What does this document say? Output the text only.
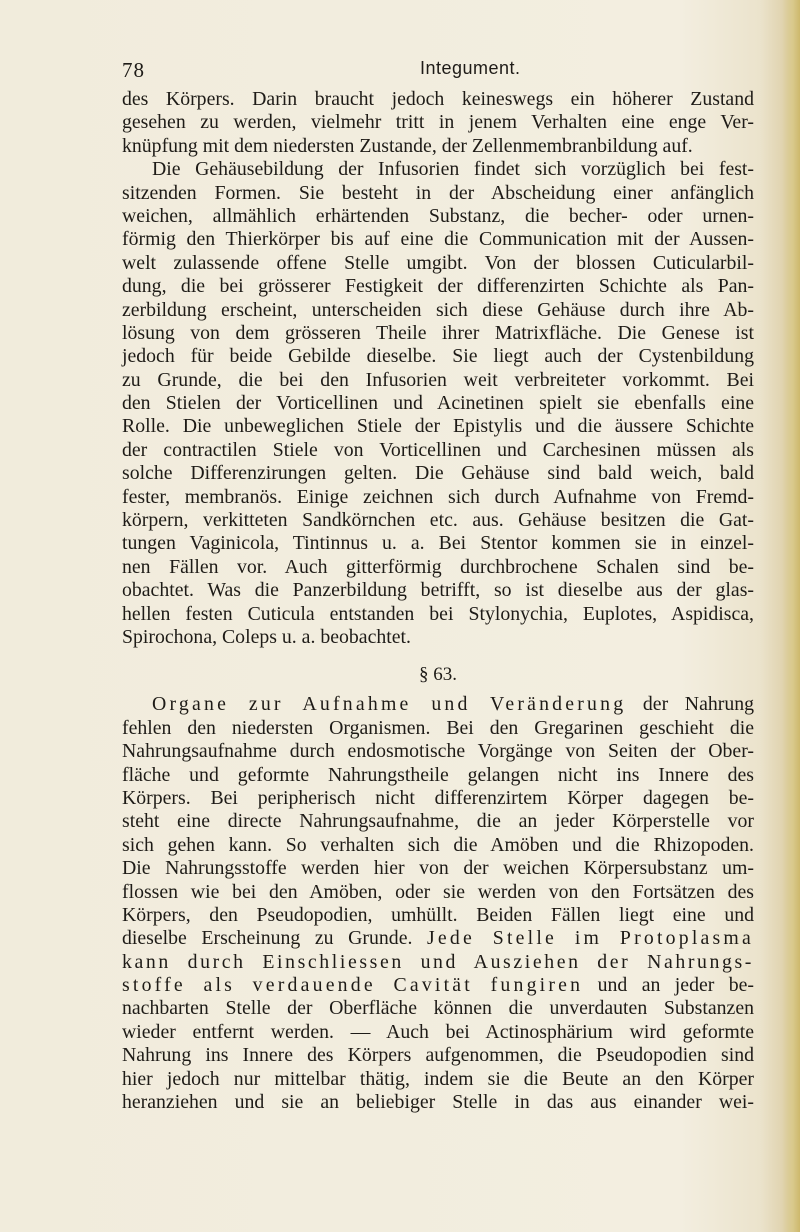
78	Integument.
des Körpers. Darin braucht jedoch keineswegs ein höherer Zustand
gesehen zu werden, vielmehr tritt in jenem Verhalten eine enge Ver-
knüpfung mit dem niedersten Zustande, der Zellenmembranbildung auf.
Die Gehäusebildung der Infusorien findet sich vorzüglich bei fest-
sitzenden Formen. Sie besteht in der Abscheidung einer anfänglich
weichen, allmählich erhärtenden Substanz, die becher- oder urnen-
förmig den Thierkörper bis auf eine die Communication mit der Aussen-
welt zulassende offene Stelle umgibt. Von der blossen Cuticularbil-
dung, die bei grösserer Festigkeit der differenzirten Schichte als Pan-
zerbildung erscheint, unterscheiden sich diese Gehäuse durch ihre Ab-
lösung von dem grösseren Theile ihrer Matrixfläche. Die Genese ist
jedoch für beide Gebilde dieselbe. Sie liegt auch der Cystenbildung
zu Grunde, die bei den Infusorien weit verbreiteter vorkommt. Bei
den Stielen der Vorticellinen und Acinetinen spielt sie ebenfalls eine
Rolle. Die unbeweglichen Stiele der Epistylis und die äussere Schichte
der contractilen Stiele von Vorticellinen und Carchesinen müssen als
solche Differenzirungen gelten. Die Gehäuse sind bald weich, bald
fester, membranös. Einige zeichnen sich durch Aufnahme von Fremd-
körpern, verkitteten Sandkörnchen etc. aus. Gehäuse besitzen die Gat-
tungen Vaginicola, Tintinnus u. a. Bei Stentor kommen sie in einzel-
nen Fällen vor. Auch gitterförmig durchbrochene Schalen sind be-
obachtet. Was die Panzerbildung betrifft, so ist dieselbe aus der glas-
hellen festen Cuticula entstanden bei Stylonychia, Euplotes, Aspidisca,
Spirochona, Coleps u. a. beobachtet.
§ 63.
Organe zur Aufnahme und Veränderung der Nahrung
fehlen den niedersten Organismen. Bei den Gregarinen geschieht die
Nahrungsaufnahme durch endosmotische Vorgänge von Seiten der Ober-
fläche und geformte Nahrungstheile gelangen nicht ins Innere des
Körpers. Bei peripherisch nicht differenzirtem Körper dagegen be-
steht eine directe Nahrungsaufnahme, die an jeder Körperstelle vor
sich gehen kann. So verhalten sich die Amöben und die Rhizopoden.
Die Nahrungsstoffe werden hier von der weichen Körpersubstanz um-
flossen wie bei den Amöben, oder sie werden von den Fortsätzen des
Körpers, den Pseudopodien, umhüllt. Beiden Fällen liegt eine und
dieselbe Erscheinung zu Grunde. Jede Stelle im Protoplasma
kann durch Einschliessen und Ausziehen der Nahrungs-
stoffe als verdauende Cavität fungiren und an jeder be-
nachbarten Stelle der Oberfläche können die unverdauten Substanzen
wieder entfernt werden. — Auch bei Actinosphärium wird geformte
Nahrung ins Innere des Körpers aufgenommen, die Pseudopodien sind
hier jedoch nur mittelbar thätig, indem sie die Beute an den Körper
heranziehen und sie an beliebiger Stelle in das aus einander wei-
